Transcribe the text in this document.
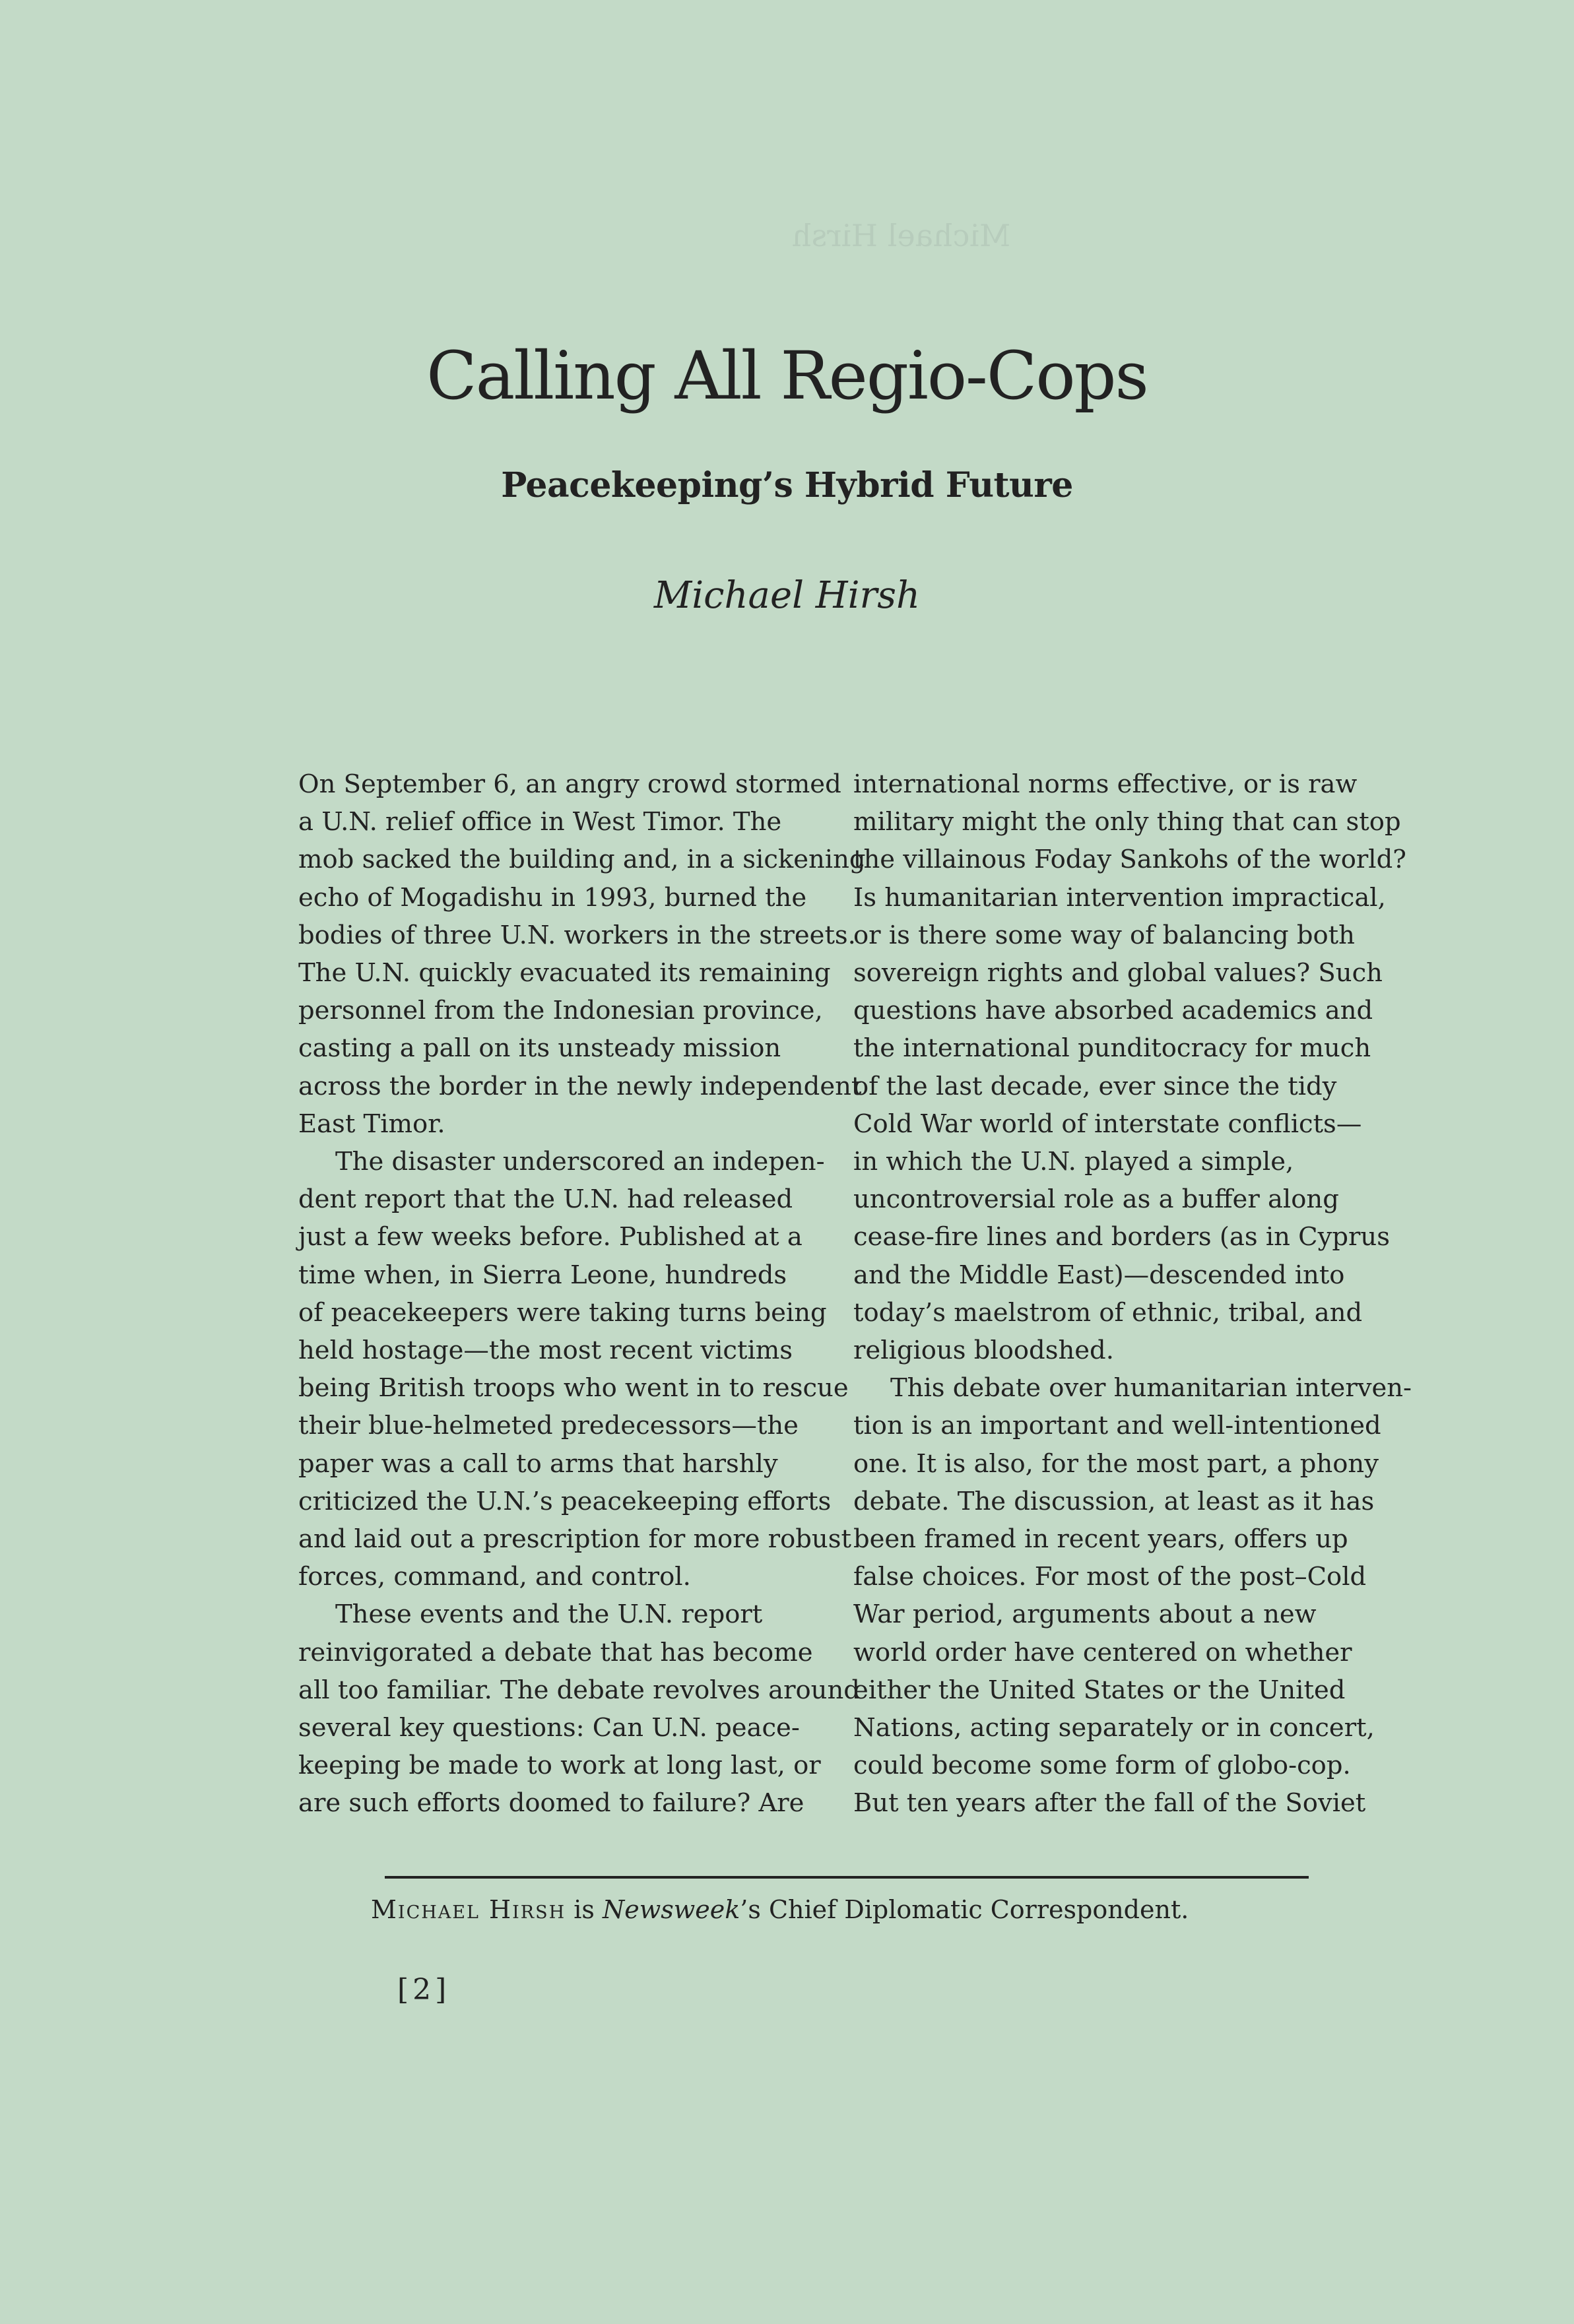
Michael Hirsh
Calling All Regio-Cops
Peacekeeping’s Hybrid Future
Michael Hirsh

On September 6, an angry crowd stormed
a U.N. relief office in West Timor. The
mob sacked the building and, in a sickening
echo of Mogadishu in 1993, burned the
bodies of three U.N. workers in the streets.
The U.N. quickly evacuated its remaining
personnel from the Indonesian province,
casting a pall on its unsteady mission
across the border in the newly independent
East Timor.

The disaster underscored an indepen-
dent report that the U.N. had released
just a few weeks before. Published at a
time when, in Sierra Leone, hundreds
of peacekeepers were taking turns being
held hostage—the most recent victims
being British troops who went in to rescue
their blue-helmeted predecessors—the
paper was a call to arms that harshly
criticized the U.N.’s peacekeeping efforts
and laid out a prescription for more robust
forces, command, and control.

These events and the U.N. report
reinvigorated a debate that has become
all too familiar. The debate revolves around
several key questions: Can U.N. peace-
keeping be made to work at long last, or
are such efforts doomed to failure? Are

international norms effective, or is raw
military might the only thing that can stop
the villainous Foday Sankohs of the world?
Is humanitarian intervention impractical,
or is there some way of balancing both
sovereign rights and global values? Such
questions have absorbed academics and
the international punditocracy for much
of the last decade, ever since the tidy
Cold War world of interstate conflicts—
in which the U.N. played a simple,
uncontroversial role as a buffer along
cease-fire lines and borders (as in Cyprus
and the Middle East)—descended into
today’s maelstrom of ethnic, tribal, and
religious bloodshed.

This debate over humanitarian interven-
tion is an important and well-intentioned
one. It is also, for the most part, a phony
debate. The discussion, at least as it has
been framed in recent years, offers up
false choices. For most of the post–Cold
War period, arguments about a new
world order have centered on whether
either the United States or the United
Nations, acting separately or in concert,
could become some form of globo-cop.
But ten years after the fall of the Soviet

Michael Hirsh is Newsweek’s Chief Diplomatic Correspondent.
[2]
